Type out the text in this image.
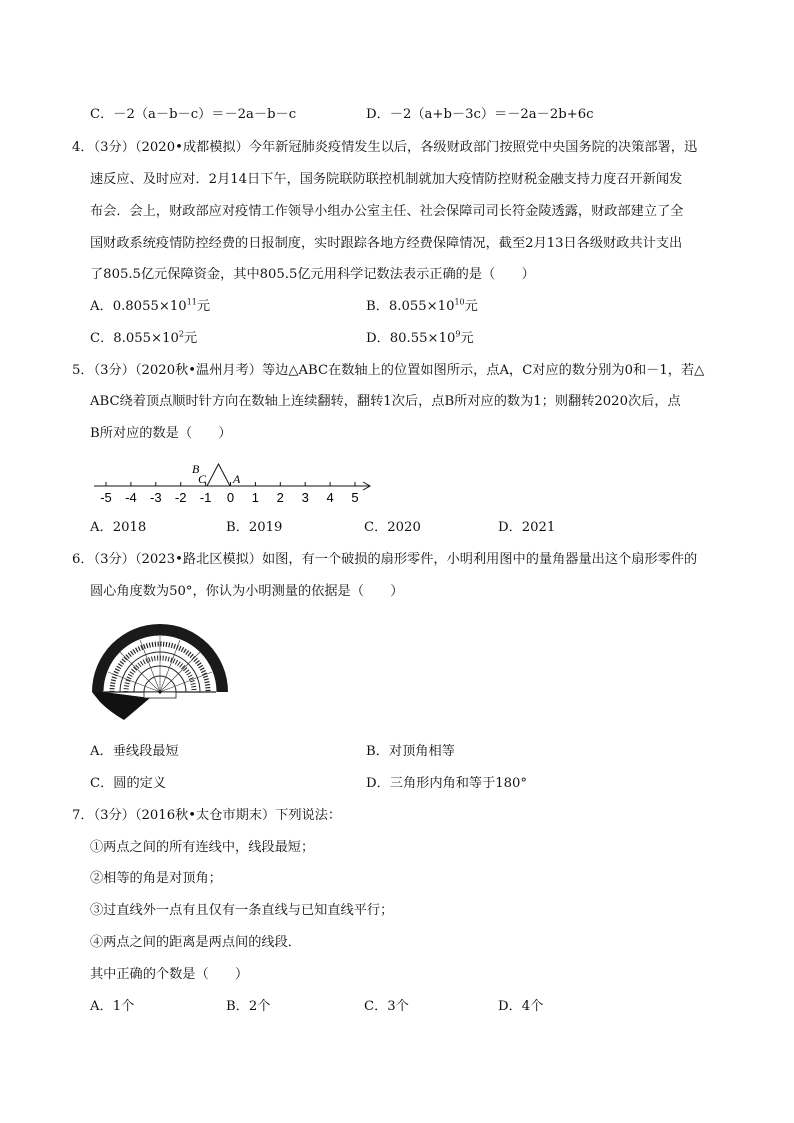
C．－2（a－b－c）＝－2a－b－c	D．－2（a+b－3c）＝－2a－2b+6c
4．（3分）（2020•成都模拟）今年新冠肺炎疫情发生以后，各级财政部门按照党中央国务院的决策部署，迅
速反应、及时应对．2月14日下午，国务院联防联控机制就加大疫情防控财税金融支持力度召开新闻发
布会．会上，财政部应对疫情工作领导小组办公室主任、社会保障司司长符金陵透露，财政部建立了全
国财政系统疫情防控经费的日报制度，实时跟踪各地方经费保障情况，截至2月13日各级财政共计支出
了805.5亿元保障资金，其中805.5亿元用科学记数法表示正确的是（　　）
A．$0.8055\times 10^{11}$元	B．$8.055\times 10^{10}$元
C．$8.055\times 10^2$元	D．$80.55\times 10^9$元
5．（3分）（2020秋•温州月考）等边△ABC在数轴上的位置如图所示，点A，C对应的数分别为0和－1，若△
ABC绕着顶点顺时针方向在数轴上连续翻转，翻转1次后，点B所对应的数为1；则翻转2020次后，点
B所对应的数是（　　）
-5 -4 -3 -2 -1 0 1 2 3 4 5
B
C A
A．2018	B．2019	C．2020	D．2021
6．（3分）（2023•路北区模拟）如图，有一个破损的扇形零件，小明利用图中的量角器量出这个扇形零件的
圆心角度数为50°，你认为小明测量的依据是（　　）
A．垂线段最短	B．对顶角相等
C．圆的定义	D．三角形内角和等于180°
7．（3分）（2016秋•太仓市期末）下列说法：
①两点之间的所有连线中，线段最短；
②相等的角是对顶角；
③过直线外一点有且仅有一条直线与已知直线平行；
④两点之间的距离是两点间的线段．
其中正确的个数是（　　）
A．1个	B．2个	C．3个	D．4个
